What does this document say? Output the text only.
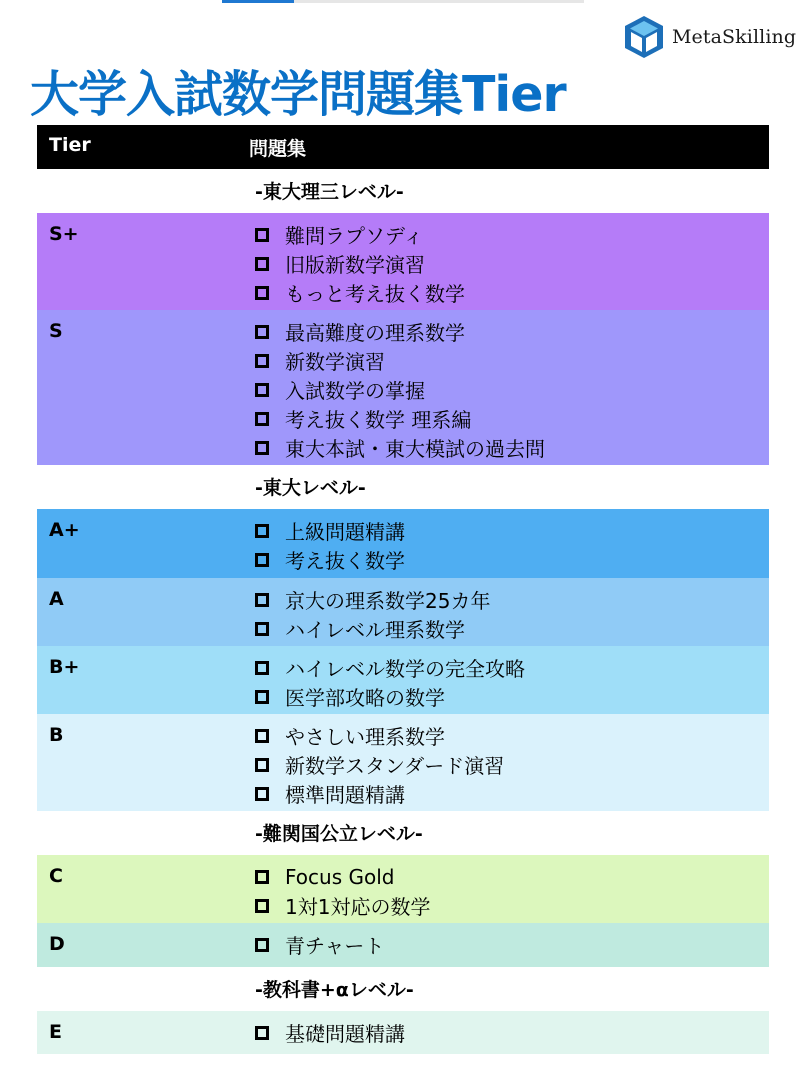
MetaSkilling
大学入試数学問題集Tier
Tier	問題集
-東大理三レベル-
S+	難問ラプソディ
旧版新数学演習
もっと考え抜く数学
S	最高難度の理系数学
新数学演習
入試数学の掌握
考え抜く数学 理系編
東大本試・東大模試の過去問
-東大レベル-
A+	上級問題精講
考え抜く数学
A	京大の理系数学25カ年
ハイレベル理系数学
B+	ハイレベル数学の完全攻略
医学部攻略の数学
B	やさしい理系数学
新数学スタンダード演習
標準問題精講
-難関国公立レベル-
C	Focus Gold
1対1対応の数学
D	青チャート
-教科書+αレベル-
E	基礎問題精講
